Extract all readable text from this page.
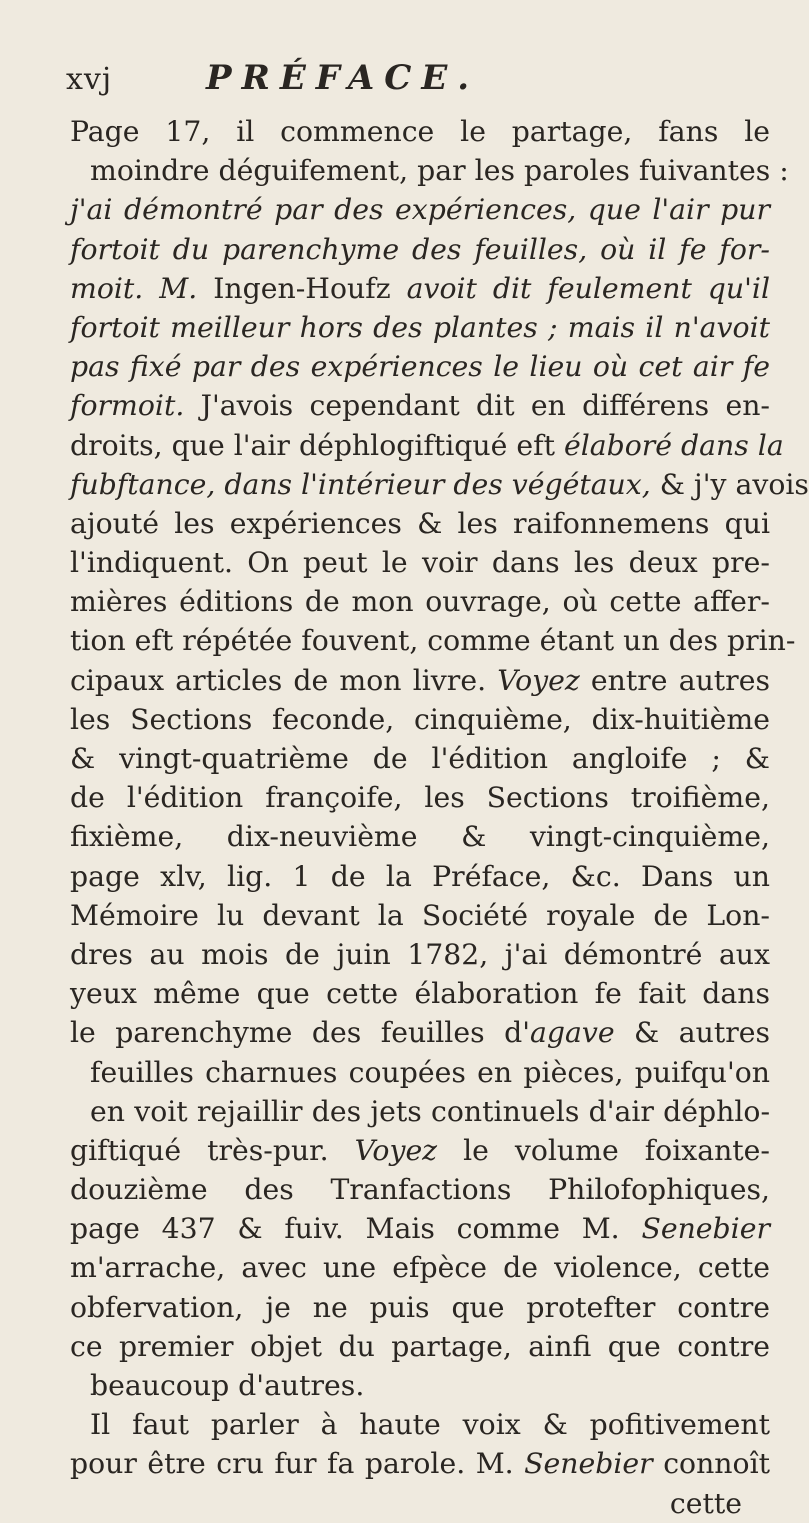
xvj	PRÉFACE.
Page 17, il commence le partage, fans le
moindre déguifement, par les paroles fuivantes :
j'ai démontré par des expériences, que l'air pur
fortoit du parenchyme des feuilles, où il fe for-
moit. M. Ingen-Houfz avoit dit feulement qu'il
fortoit meilleur hors des plantes ; mais il n'avoit
pas fixé par des expériences le lieu où cet air fe
formoit. J'avois cependant dit en différens en-
droits, que l'air déphlogiftiqué eft élaboré dans la
fubftance, dans l'intérieur des végétaux, & j'y avois
ajouté les expériences & les raifonnemens qui
l'indiquent. On peut le voir dans les deux pre-
mières éditions de mon ouvrage, où cette affer-
tion eft répétée fouvent, comme étant un des prin-
cipaux articles de mon livre. Voyez entre autres
les Sections feconde, cinquième, dix-huitième
& vingt-quatrième de l'édition angloife ; &
de l'édition françoife, les Sections troifième,
fixième, dix-neuvième & vingt-cinquième,
page xlv, lig. 1 de la Préface, &c. Dans un
Mémoire lu devant la Société royale de Lon-
dres au mois de juin 1782, j'ai démontré aux
yeux même que cette élaboration fe fait dans
le parenchyme des feuilles d'agave & autres
feuilles charnues coupées en pièces, puifqu'on
en voit rejaillir des jets continuels d'air déphlo-
giftiqué très-pur. Voyez le volume foixante-
douzième des Tranfactions Philofophiques,
page 437 & fuiv. Mais comme M. Senebier
m'arrache, avec une efpèce de violence, cette
obfervation, je ne puis que protefter contre
ce premier objet du partage, ainfi que contre
beaucoup d'autres.
Il faut parler à haute voix & pofitivement
pour être cru fur fa parole. M. Senebier connoît
cette
